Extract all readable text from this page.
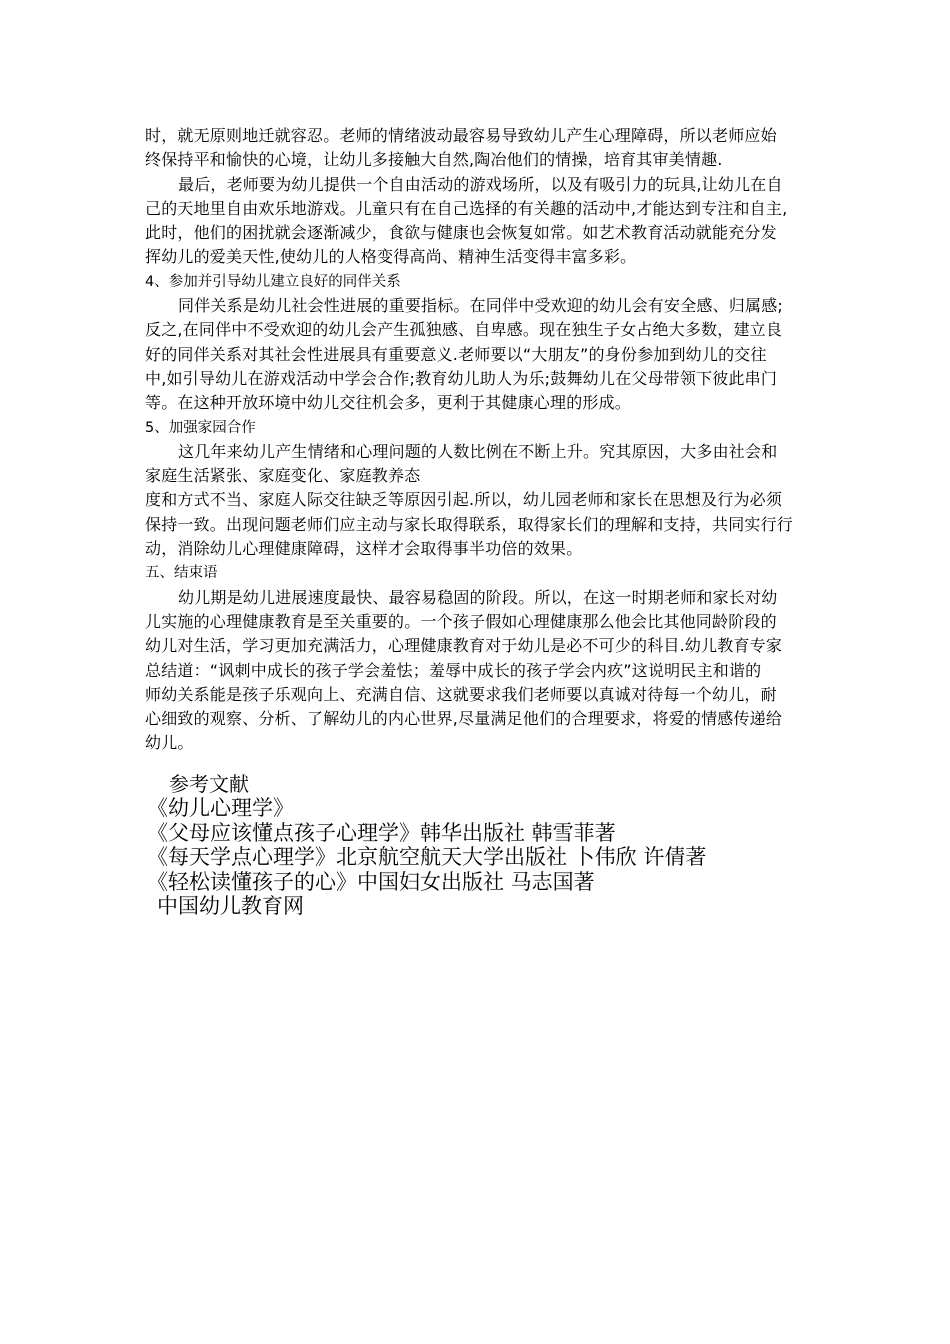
时，就无原则地迁就容忍。老师的情绪波动最容易导致幼儿产生心理障碍，所以老师应始

终保持平和愉快的心境，让幼儿多接触大自然,陶冶他们的情操，培育其审美情趣.

最后，老师要为幼儿提供一个自由活动的游戏场所，以及有吸引力的玩具,让幼儿在自

己的天地里自由欢乐地游戏。儿童只有在自己选择的有关趣的活动中,才能达到专注和自主,

此时，他们的困扰就会逐渐减少，食欲与健康也会恢复如常。如艺术教育活动就能充分发

挥幼儿的爱美天性,使幼儿的人格变得高尚、精神生活变得丰富多彩。

4、参加并引导幼儿建立良好的同伴关系

同伴关系是幼儿社会性进展的重要指标。在同伴中受欢迎的幼儿会有安全感、归属感;

反之,在同伴中不受欢迎的幼儿会产生孤独感、自卑感。现在独生子女占绝大多数，建立良

好的同伴关系对其社会性进展具有重要意义.老师要以“大朋友”的身份参加到幼儿的交往

中,如引导幼儿在游戏活动中学会合作;教育幼儿助人为乐;鼓舞幼儿在父母带领下彼此串门

等。在这种开放环境中幼儿交往机会多，更利于其健康心理的形成。

5、加强家园合作

这几年来幼儿产生情绪和心理问题的人数比例在不断上升。究其原因，大多由社会和

家庭生活紧张、家庭变化、家庭教养态

度和方式不当、家庭人际交往缺乏等原因引起.所以，幼儿园老师和家长在思想及行为必须

保持一致。出现问题老师们应主动与家长取得联系，取得家长们的理解和支持，共同实行行

动，消除幼儿心理健康障碍，这样才会取得事半功倍的效果。

五、结束语

幼儿期是幼儿进展速度最快、最容易稳固的阶段。所以，在这一时期老师和家长对幼

儿实施的心理健康教育是至关重要的。一个孩子假如心理健康那么他会比其他同龄阶段的

幼儿对生活，学习更加充满活力，心理健康教育对于幼儿是必不可少的科目.幼儿教育专家

总结道：“讽刺中成长的孩子学会羞怯；羞辱中成长的孩子学会内疚”这说明民主和谐的

师幼关系能是孩子乐观向上、充满自信、这就要求我们老师要以真诚对待每一个幼儿，耐

心细致的观察、分析、了解幼儿的内心世界,尽量满足他们的合理要求，将爱的情感传递给

幼儿。

参考文献

《幼儿心理学》

《父母应该懂点孩子心理学》韩华出版社 韩雪菲著

《每天学点心理学》北京航空航天大学出版社 卜伟欣 许倩著

《轻松读懂孩子的心》中国妇女出版社 马志国著

中国幼儿教育网
